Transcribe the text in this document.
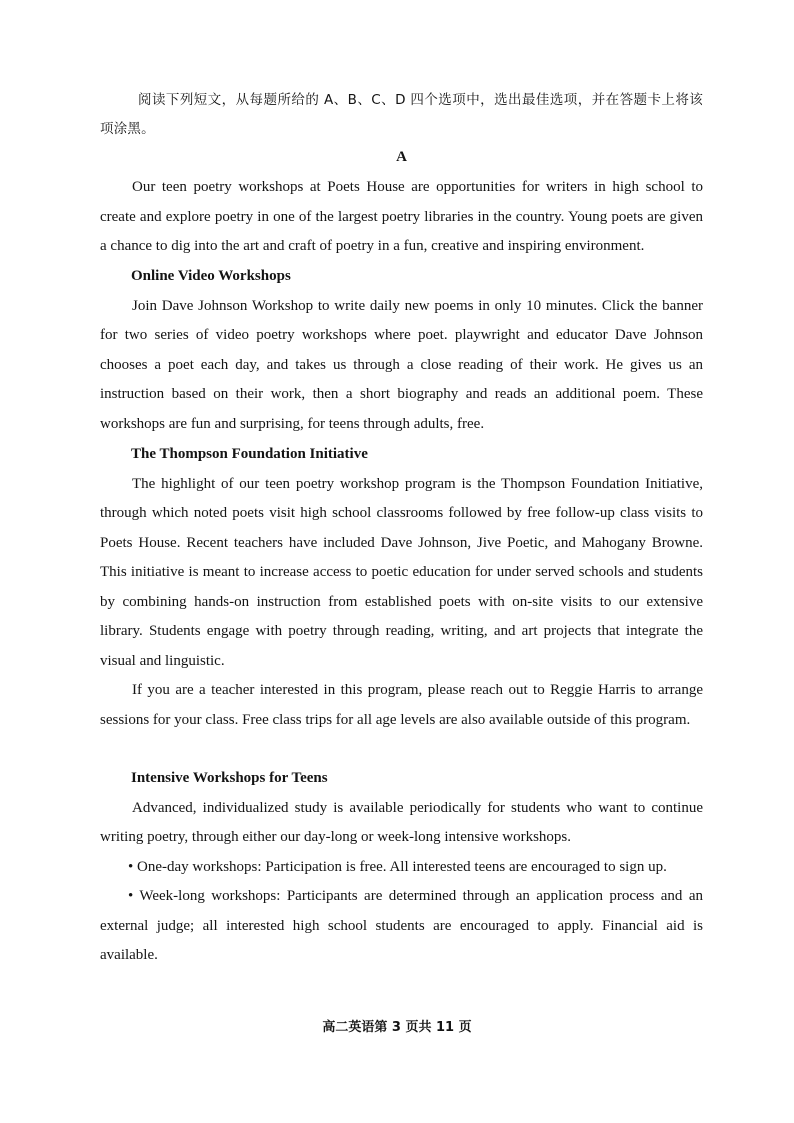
阅读下列短文，从每题所给的 A、B、C、D 四个选项中，选出最佳选项，并在答题卡上将该项涂黑。

A

Our teen poetry workshops at Poets House are opportunities for writers in high school to create and explore poetry in one of the largest poetry libraries in the country. Young poets are given a chance to dig into the art and craft of poetry in a fun, creative and inspiring environment.

Online Video Workshops

Join Dave Johnson Workshop to write daily new poems in only 10 minutes. Click the banner for two series of video poetry workshops where poet. playwright and educator Dave Johnson chooses a poet each day, and takes us through a close reading of their work. He gives us an instruction based on their work, then a short biography and reads an additional poem. These workshops are fun and surprising, for teens through adults, free.

The Thompson Foundation Initiative

The highlight of our teen poetry workshop program is the Thompson Foundation Initiative, through which noted poets visit high school classrooms followed by free follow-up class visits to Poets House. Recent teachers have included Dave Johnson, Jive Poetic, and Mahogany Browne. This initiative is meant to increase access to poetic education for under served schools and students by combining hands-on instruction from established poets with on-site visits to our extensive library. Students engage with poetry through reading, writing, and art projects that integrate the visual and linguistic.

If you are a teacher interested in this program, please reach out to Reggie Harris to arrange sessions for your class. Free class trips for all age levels are also available outside of this program.

Intensive Workshops for Teens

Advanced, individualized study is available periodically for students who want to continue writing poetry, through either our day-long or week-long intensive workshops.

• One-day workshops: Participation is free. All interested teens are encouraged to sign up.

• Week-long workshops: Participants are determined through an application process and an external judge; all interested high school students are encouraged to apply. Financial aid is available.

高二英语第 3 页共 11 页
